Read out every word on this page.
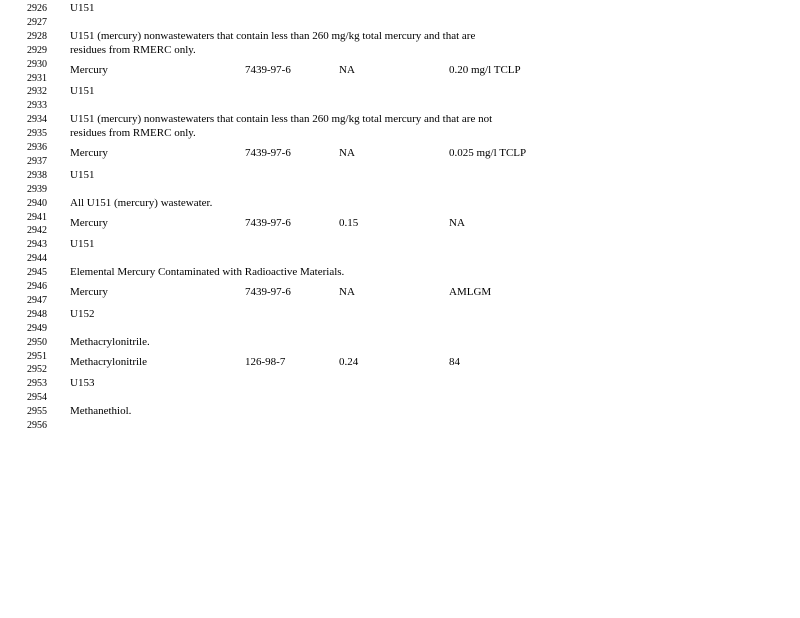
2926
2927
2928
2929
2930
2931
2932
2933
2934
2935
2936
2937
2938
2939
2940
2941
2942
2943
2944
2945
2946
2947
2948
2949
2950
2951
2952
2953
2954
2955
2956
U151
U151 (mercury) nonwastewaters that contain less than 260 mg/kg total mercury and that are
residues from RMERC only.
Mercury	7439-97-6	NA	0.20 mg/l TCLP
U151
U151 (mercury) nonwastewaters that contain less than 260 mg/kg total mercury and that are not
residues from RMERC only.
Mercury	7439-97-6	NA	0.025 mg/l TCLP
U151
All U151 (mercury) wastewater.
Mercury	7439-97-6	0.15	NA
U151
Elemental Mercury Contaminated with Radioactive Materials.
Mercury	7439-97-6	NA	AMLGM
U152
Methacrylonitrile.
Methacrylonitrile	126-98-7	0.24	84
U153
Methanethiol.
